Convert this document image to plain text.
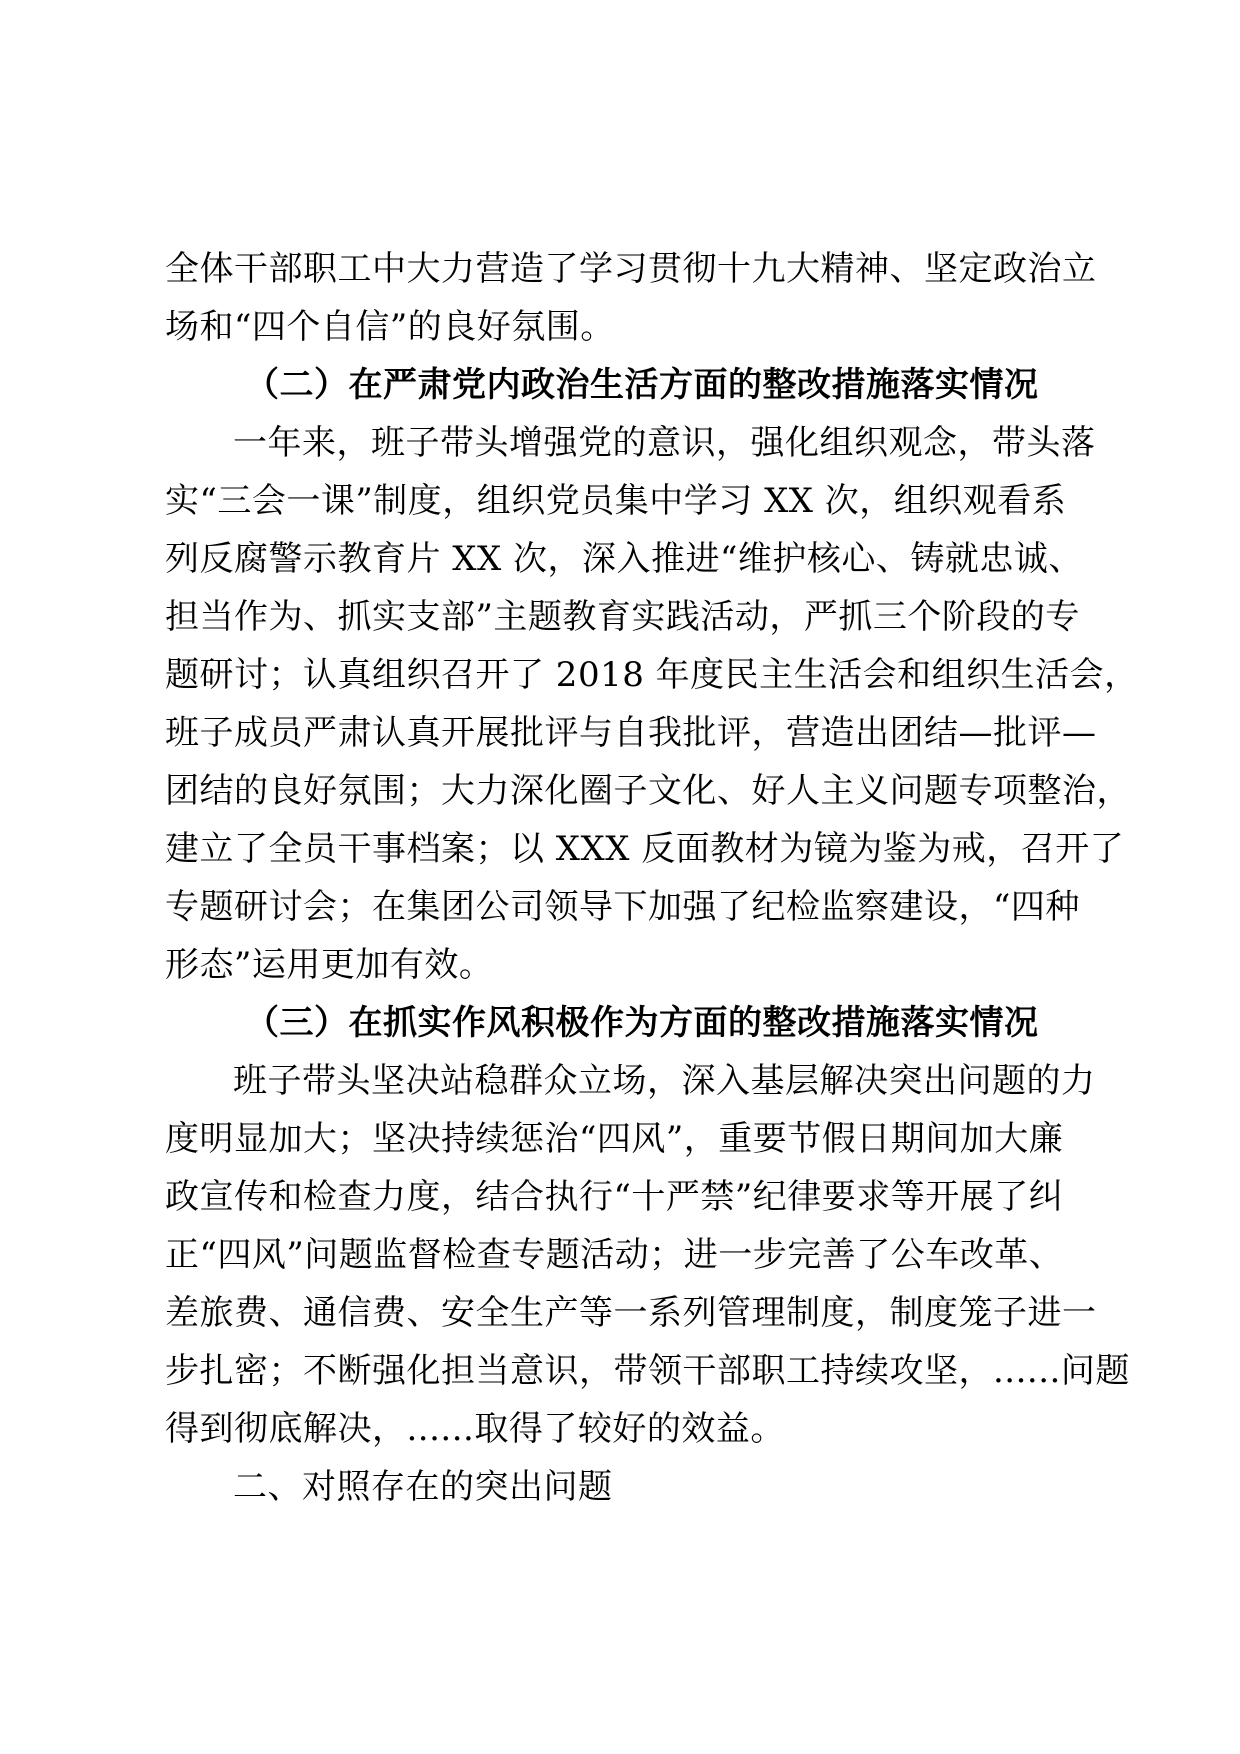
全体干部职工中大力营造了学习贯彻十九大精神、坚定政治立
场和“四个自信”的良好氛围。
（二）在严肃党内政治生活方面的整改措施落实情况
一年来，班子带头增强党的意识，强化组织观念，带头落
实“三会一课”制度，组织党员集中学习 XX 次，组织观看系
列反腐警示教育片 XX 次，深入推进“维护核心、铸就忠诚、
担当作为、抓实支部”主题教育实践活动，严抓三个阶段的专
题研讨；认真组织召开了 2018 年度民主生活会和组织生活会，
班子成员严肃认真开展批评与自我批评，营造出团结—批评—
团结的良好氛围；大力深化圈子文化、好人主义问题专项整治，
建立了全员干事档案；以 XXX 反面教材为镜为鉴为戒，召开了
专题研讨会；在集团公司领导下加强了纪检监察建设，“四种
形态”运用更加有效。
（三）在抓实作风积极作为方面的整改措施落实情况
班子带头坚决站稳群众立场，深入基层解决突出问题的力
度明显加大；坚决持续惩治“四风”，重要节假日期间加大廉
政宣传和检查力度，结合执行“十严禁”纪律要求等开展了纠
正“四风”问题监督检查专题活动；进一步完善了公车改革、
差旅费、通信费、安全生产等一系列管理制度，制度笼子进一
步扎密；不断强化担当意识，带领干部职工持续攻坚，......问题
得到彻底解决，......取得了较好的效益。
二、对照存在的突出问题
